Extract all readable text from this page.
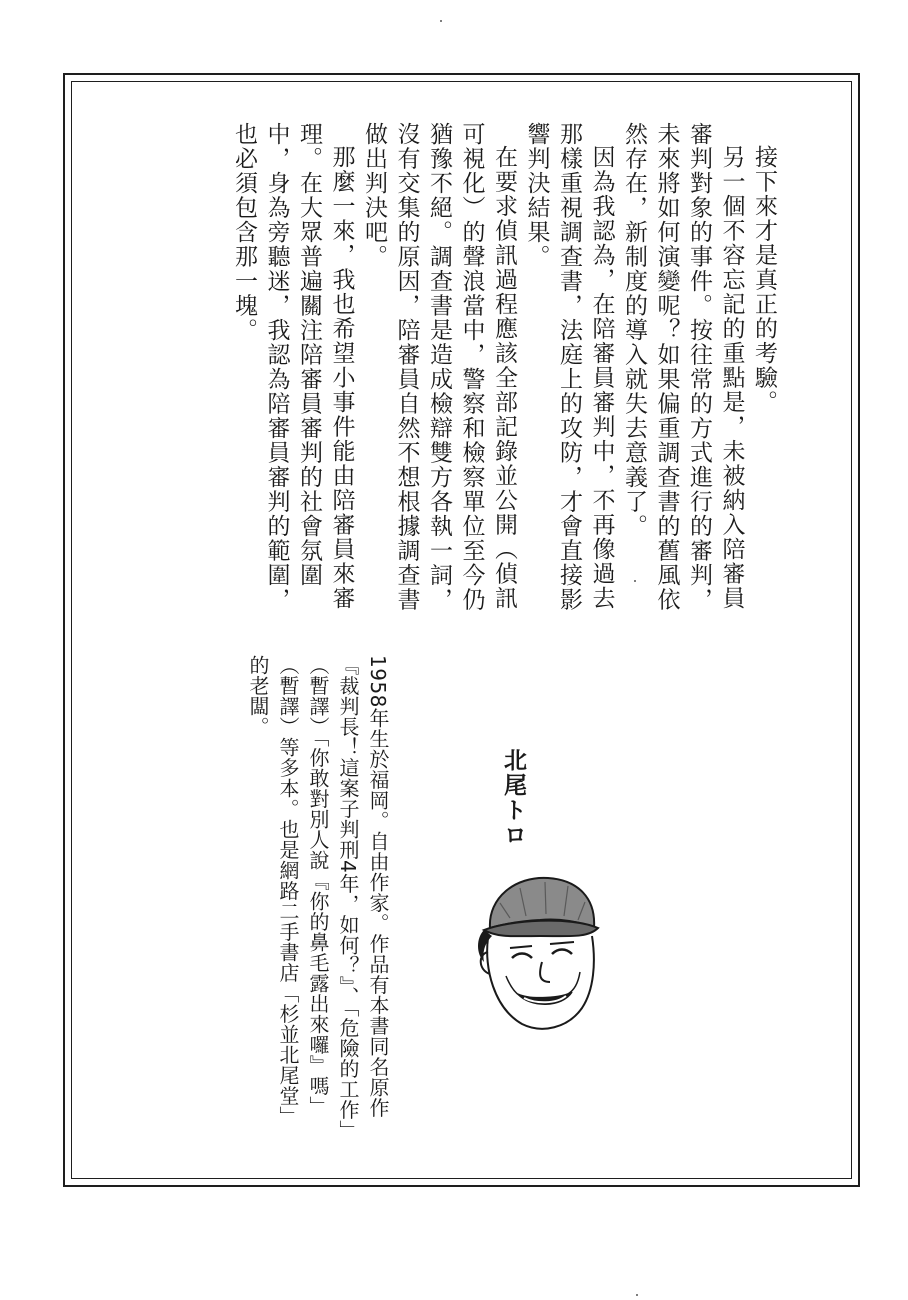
接下來才是真正的考驗。

另一個不容忘記的重點是，未被納入陪審員審判對象的事件。按往常的方式進行的審判，未來將如何演變呢？如果偏重調查書的舊風依然存在，新制度的導入就失去意義了。

因為我認為，在陪審員審判中，不再像過去那樣重視調查書，法庭上的攻防，才會直接影響判決結果。

在要求偵訊過程應該全部記錄並公開（偵訊可視化）的聲浪當中，警察和檢察單位至今仍猶豫不絕。調查書是造成檢辯雙方各執一詞，沒有交集的原因，陪審員自然不想根據調查書做出判決吧。

那麼一來，我也希望小事件能由陪審員來審理。在大眾普遍關注陪審員審判的社會氛圍中，身為旁聽迷，我認為陪審員審判的範圍，也必須包含那一塊。

北尾トロ

1958年生於福岡。自由作家。作品有本書同名原作『裁判長！這案子判刑4年，如何？』、「危險的工作」（暫譯）「你敢對別人說『你的鼻毛露出來囉』嗎」（暫譯）等多本。也是網路二手書店「杉並北尾堂」的老闆。
